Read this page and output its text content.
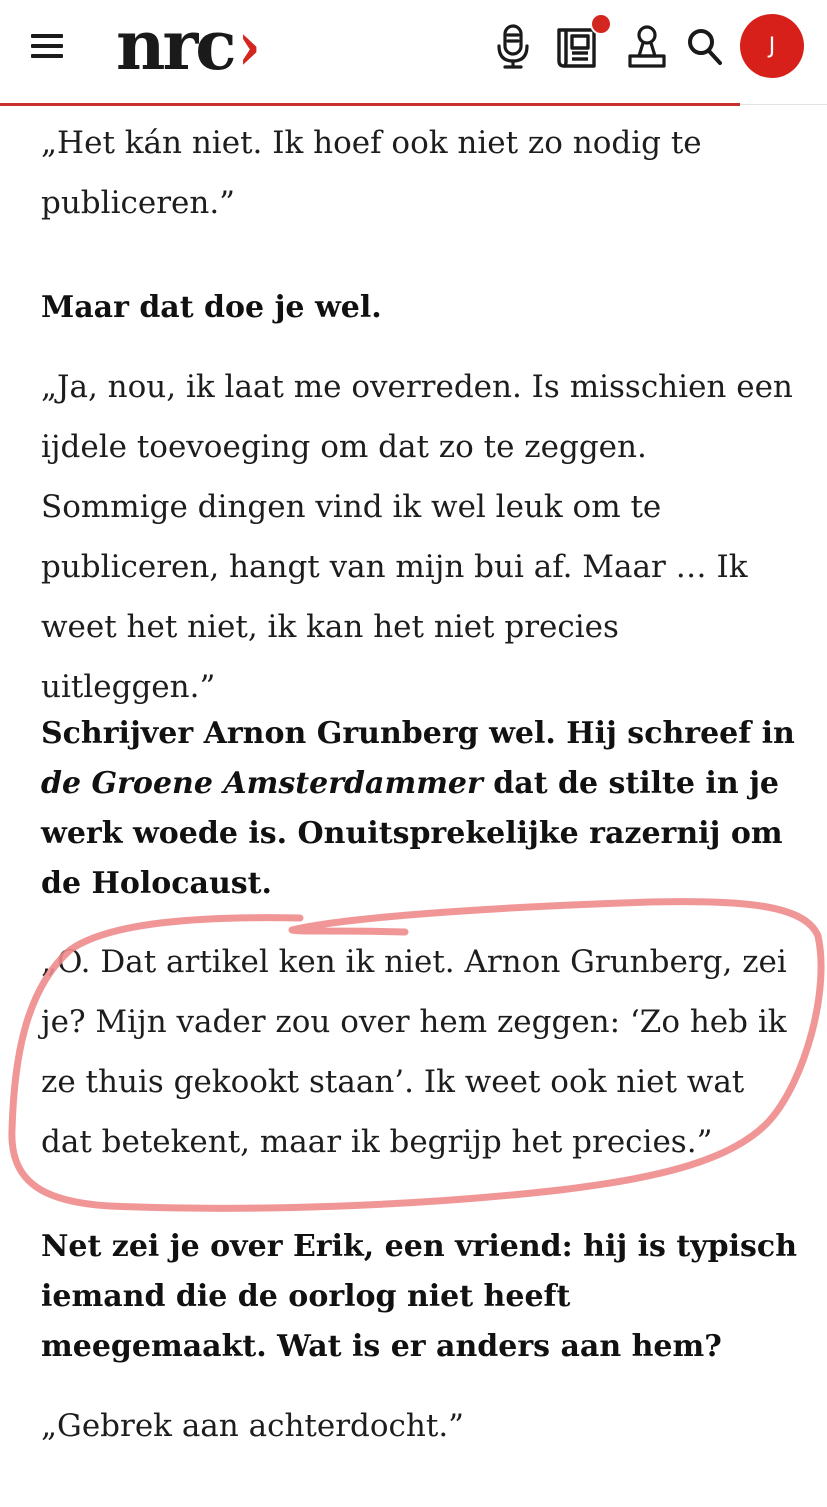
nrc ›	J

„Het kán niet. Ik hoef ook niet zo nodig te publiceren.”

Maar dat doe je wel.

„Ja, nou, ik laat me overreden. Is misschien een ijdele toevoeging om dat zo te zeggen. Sommige dingen vind ik wel leuk om te publiceren, hangt van mijn bui af. Maar … Ik weet het niet, ik kan het niet precies uitleggen.”

Schrijver Arnon Grunberg wel. Hij schreef in de Groene Amsterdammer dat de stilte in je werk woede is. Onuitsprekelijke razernij om de Holocaust.

„O. Dat artikel ken ik niet. Arnon Grunberg, zei je? Mijn vader zou over hem zeggen: ‘Zo heb ik ze thuis gekookt staan’. Ik weet ook niet wat dat betekent, maar ik begrijp het precies.”

Net zei je over Erik, een vriend: hij is typisch iemand die de oorlog niet heeft meegemaakt. Wat is er anders aan hem?

„Gebrek aan achterdocht.”
